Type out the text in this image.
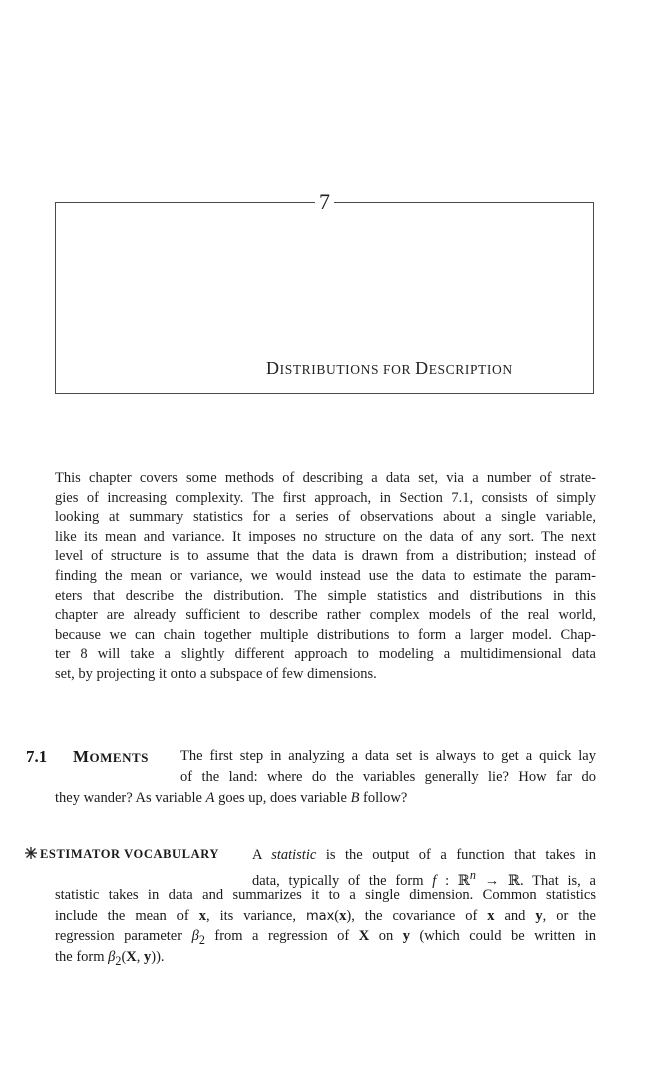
7
DISTRIBUTIONS FOR DESCRIPTION
This chapter covers some methods of describing a data set, via a number of strate-
gies of increasing complexity. The first approach, in Section 7.1, consists of simply
looking at summary statistics for a series of observations about a single variable,
like its mean and variance. It imposes no structure on the data of any sort. The next
level of structure is to assume that the data is drawn from a distribution; instead of
finding the mean or variance, we would instead use the data to estimate the param-
eters that describe the distribution. The simple statistics and distributions in this
chapter are already sufficient to describe rather complex models of the real world,
because we can chain together multiple distributions to form a larger model. Chap-
ter 8 will take a slightly different approach to modeling a multidimensional data
set, by projecting it onto a subspace of few dimensions.
7.1 MOMENTS The first step in analyzing a data set is always to get a quick lay
of the land: where do the variables generally lie? How far do
they wander? As variable A goes up, does variable B follow?
ESTIMATOR VOCABULARY A statistic is the output of a function that takes in
data, typically of the form f : ℝ$^n$ → ℝ. That is, a
statistic takes in data and summarizes it to a single dimension. Common statistics
include the mean of x, its variance, max(x), the covariance of x and y, or the
regression parameter $\beta_2$ from a regression of X on y (which could be written in
the form $\beta_2(X$, y)).
